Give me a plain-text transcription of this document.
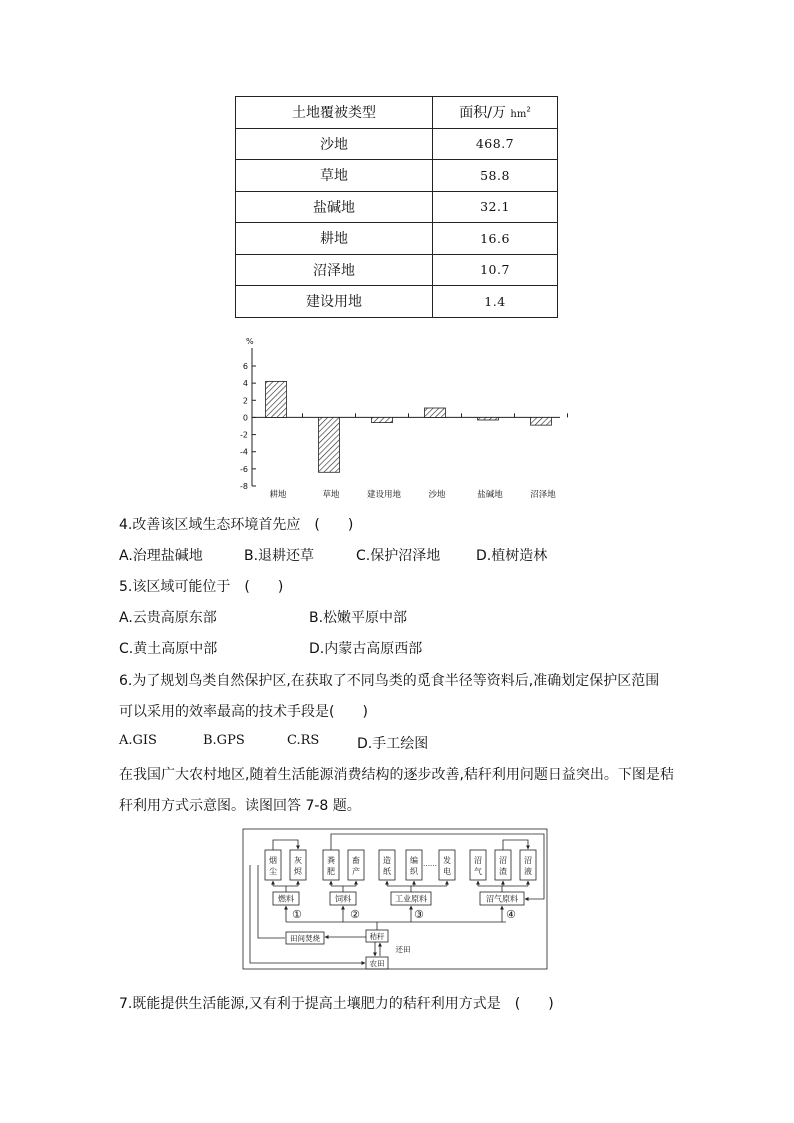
土地覆被类型	面积/万 $hm^2$
沙地	468.7
草地	58.8
盐碱地	32.1
耕地	16.6
沼泽地	10.7
建设用地	1.4
%
6
4
2
0
-2
-4
-6
-8
耕地	草地	建设用地	沙地	盐碱地	沼泽地
4.改善该区域生态环境首先应　(　　)
A.治理盐碱地	B.退耕还草	C.保护沼泽地	D.植树造林
5.该区域可能位于　(　　)
A.云贵高原东部	B.松嫩平原中部
C.黄土高原中部	D.内蒙古高原西部
6.为了规划鸟类自然保护区,在获取了不同鸟类的觅食半径等资料后,准确划定保护区范围
可以采用的效率最高的技术手段是(　　)
A.GIS	B.GPS	C.RS	D.手工绘图
在我国广大农村地区,随着生活能源消费结构的逐步改善,秸秆利用问题日益突出。下图是秸
秆利用方式示意图。读图回答 7-8 题。
烟
尘
灰
烬
粪
肥
畜
产
造
纸
编
织
发
电
沼
气
沼
渣
沼
液
……
燃料	饲料	工业原料	沼气原料
①	②	③	④
田间焚烧	秸秆
农田
还田
7.既能提供生活能源,又有利于提高土壤肥力的秸秆利用方式是　(　　)
